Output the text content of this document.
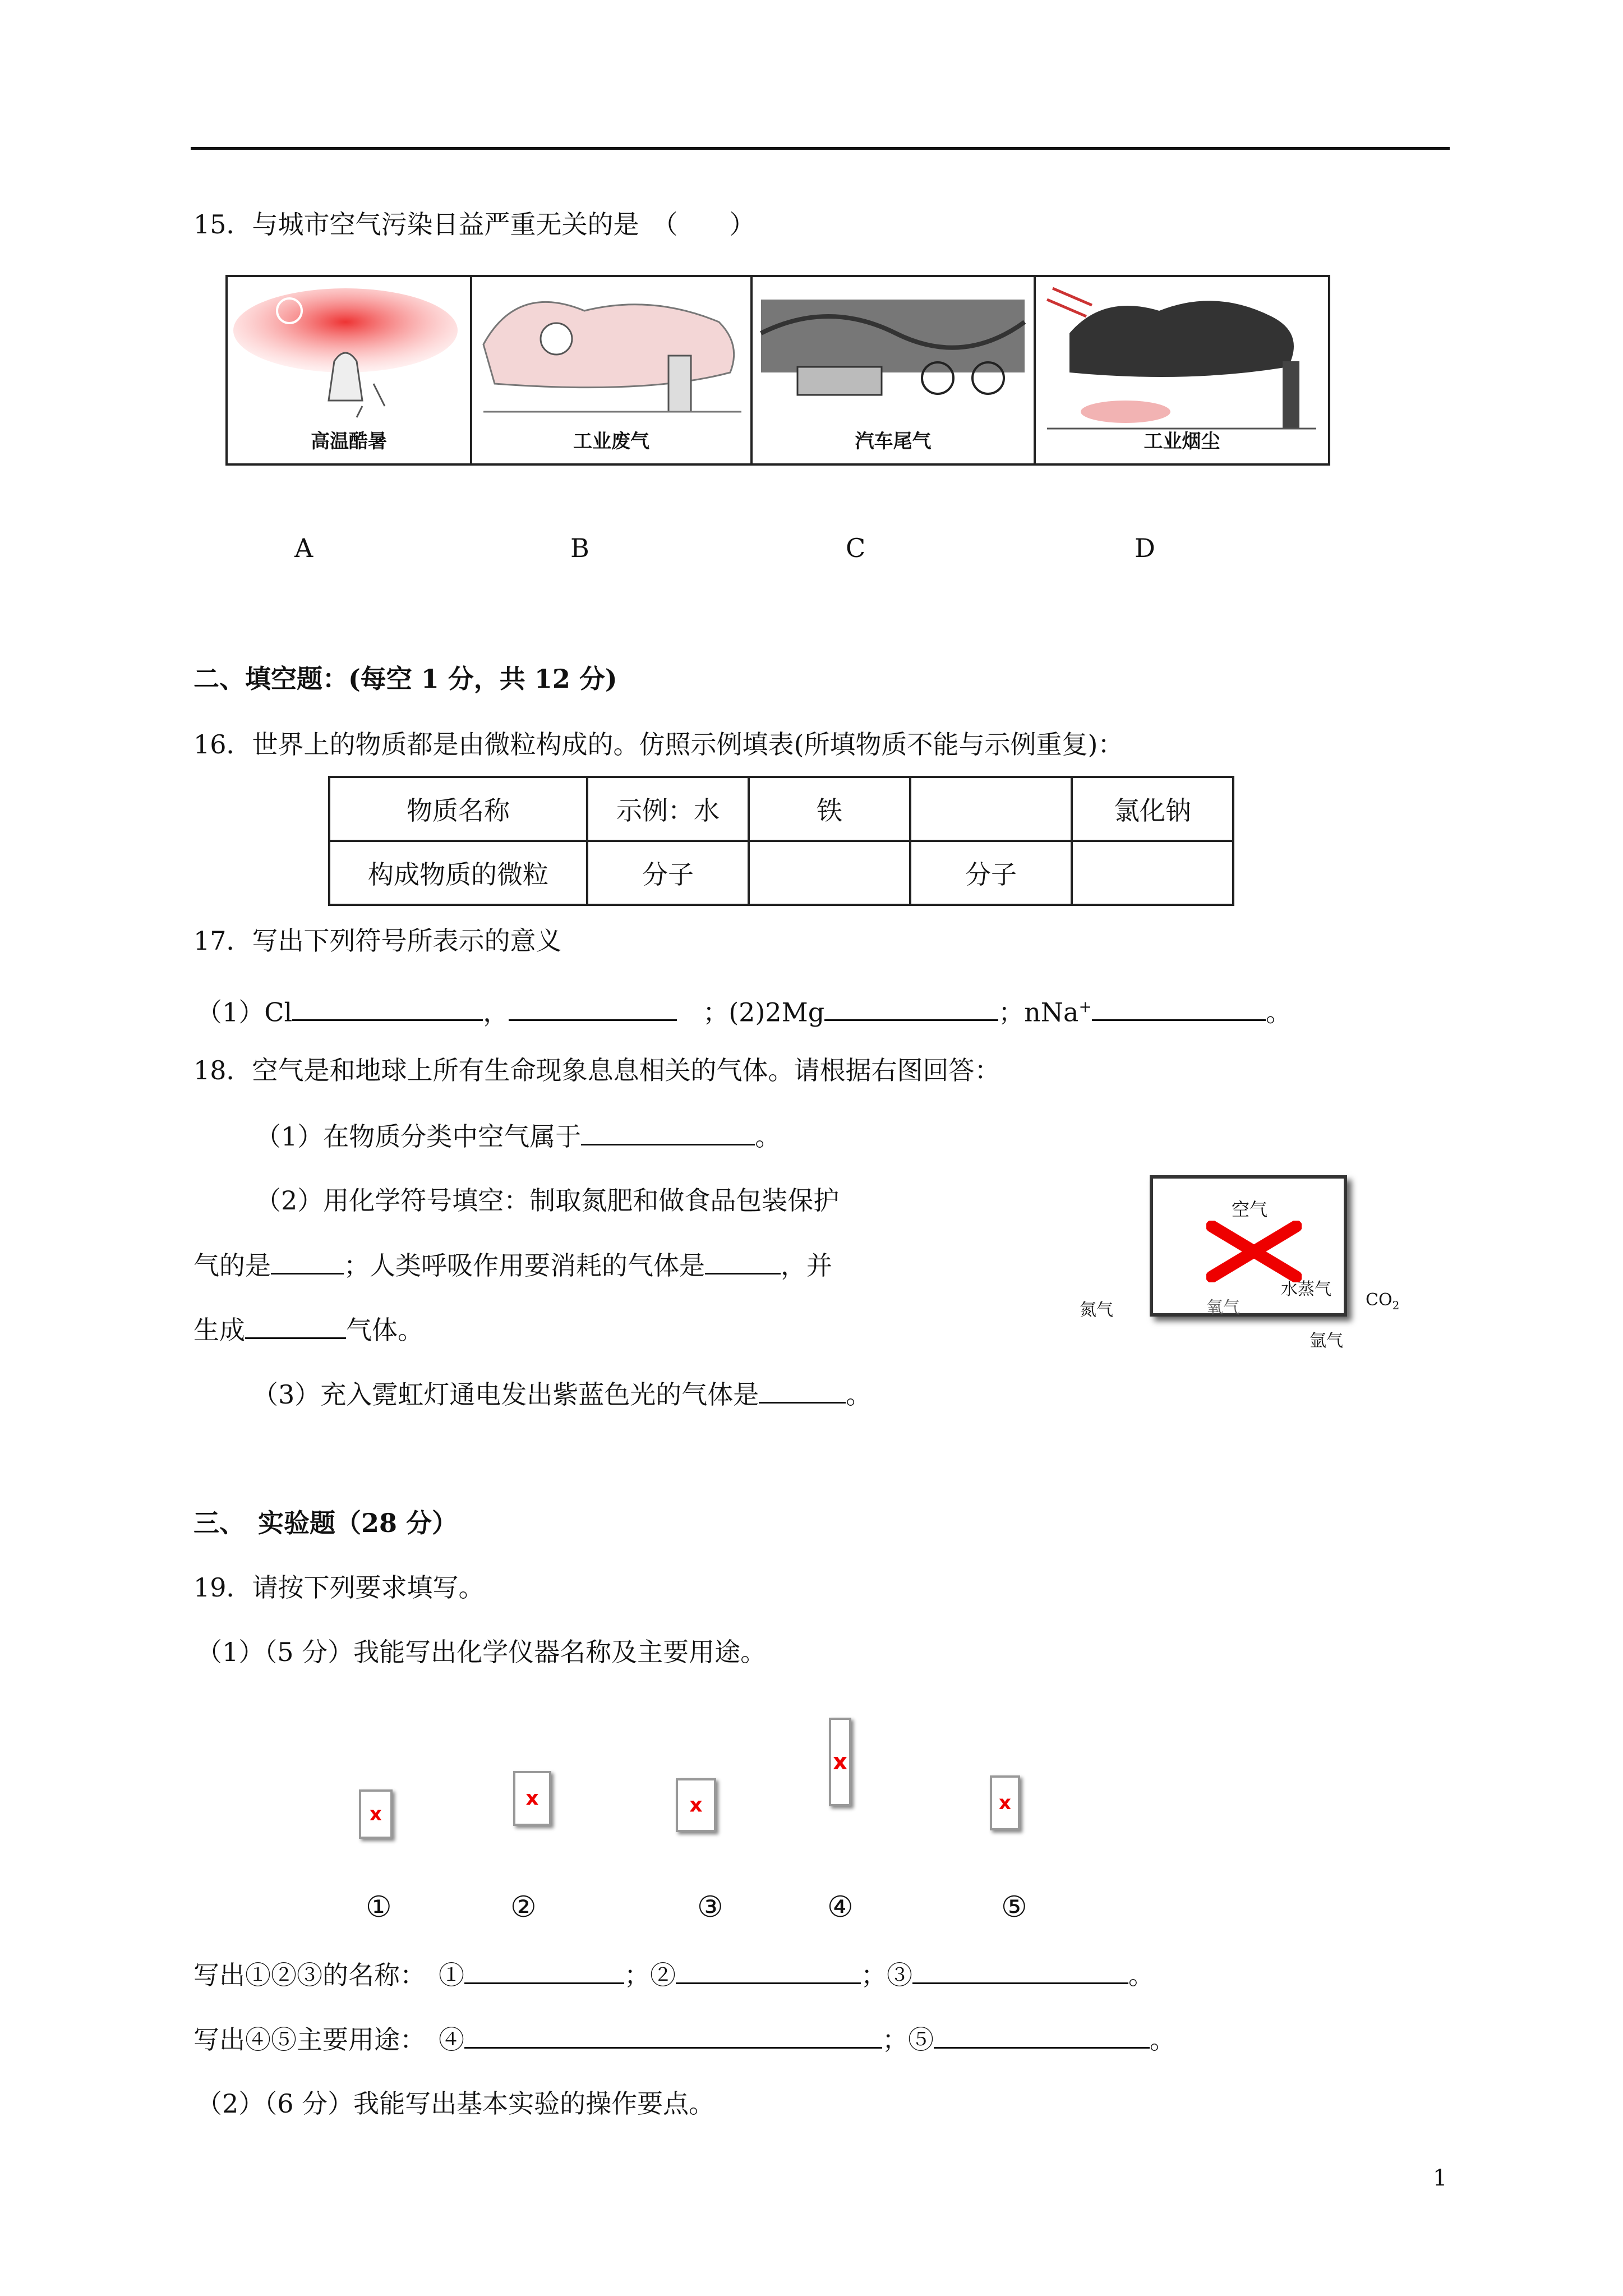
15．与城市空气污染日益严重无关的是　（　　）
高温酷暑	工业废气	汽车尾气	工业烟尘
A	B	C	D
二、填空题：(每空 1 分，共 12 分)
16．世界上的物质都是由微粒构成的。仿照示例填表(所填物质不能与示例重复)：
物质名称	示例：水	铁		氯化钠
构成物质的微粒	分子		分子	
17．写出下列符号所表示的意义
（1）Cl	，　	；(2)2Mg	；nNa+	。
18．空气是和地球上所有生命现象息息相关的气体。请根据右图回答：
（1）在物质分类中空气属于	。
（2）用化学符号填空：制取氮肥和做食品包装保护
气的是	；人类呼吸作用要消耗的气体是	，并
生成	气体。
（3）充入霓虹灯通电发出紫蓝色光的气体是	。
空气
水蒸气
氧气
氮气
$CO_2$
氩气
三、　实验题（28 分）
19．请按下列要求填写。
（1）（5 分）我能写出化学仪器名称及主要用途。
x
x	x
x
x
①	②	③	④	⑤
写出①②③的名称：　 ①	；②	；③	。
写出④⑤主要用途：　 ④	；⑤	。
（2）（6 分）我能写出基本实验的操作要点。
1
